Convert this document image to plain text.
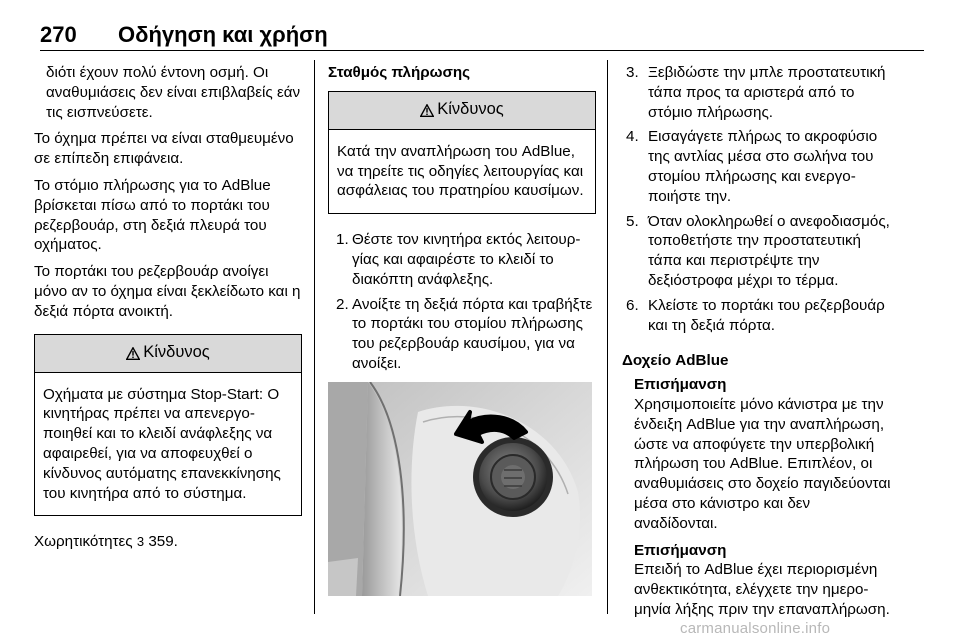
270 Οδήγηση και χρήση

διότι έχουν πολύ έντονη οσμή. Οι αναθυμιάσεις δεν είναι επιβλαβείς εάν τις εισπνεύσετε.

Το όχημα πρέπει να είναι σταθμευμένο σε επίπεδη επιφάνεια.

Το στόμιο πλήρωσης για το AdBlue βρίσκεται πίσω από το πορτάκι του ρεζερβουάρ, στη δεξιά πλευρά του οχήματος.

Το πορτάκι του ρεζερβουάρ ανοίγει μόνο αν το όχημα είναι ξεκλείδωτο και η δεξιά πόρτα ανοικτή.

Κίνδυνος
Οχήματα με σύστημα Stop-Start: Ο κινητήρας πρέπει να απενεργοποιηθεί και το κλειδί ανάφλεξης να αφαιρεθεί, για να αποφευχθεί ο κίνδυνος αυτόματης επανεκκίνησης του κινητήρα από το σύστημα.

Χωρητικότητες 3 359.

Σταθμός πλήρωσης
Κίνδυνος
Κατά την αναπλήρωση του AdBlue, να τηρείτε τις οδηγίες λειτουργίας και ασφάλειας του πρατηρίου καυσίμων.
1. Θέστε τον κινητήρα εκτός λειτουργίας και αφαιρέστε το κλειδί το διακόπτη ανάφλεξης.
2. Ανοίξτε τη δεξιά πόρτα και τραβήξτε το πορτάκι του στομίου πλήρωσης του ρεζερβουάρ καυσίμου, για να ανοίξει.
3. Ξεβιδώστε την μπλε προστατευτική τάπα προς τα αριστερά από το στόμιο πλήρωσης.
4. Εισαγάγετε πλήρως το ακροφύσιο της αντλίας μέσα στο σωλήνα του στομίου πλήρωσης και ενεργοποιήστε την.
5. Όταν ολοκληρωθεί ο ανεφοδιασμός, τοποθετήστε την προστατευτική τάπα και περιστρέψτε την δεξιόστροφα μέχρι το τέρμα.
6. Κλείστε το πορτάκι του ρεζερβουάρ και τη δεξιά πόρτα.
Δοχείο AdBlue
Επισήμανση
Χρησιμοποιείτε μόνο κάνιστρα με την ένδειξη AdBlue για την αναπλήρωση, ώστε να αποφύγετε την υπερβολική πλήρωση του AdBlue. Επιπλέον, οι αναθυμιάσεις στο δοχείο παγιδεύονται μέσα στο κάνιστρο και δεν αναδίδονται.
Επισήμανση
Επειδή το AdBlue έχει περιορισμένη ανθεκτικότητα, ελέγχετε την ημερομηνία λήξης πριν την επαναπλήρωση.
carmanualsonline.info
